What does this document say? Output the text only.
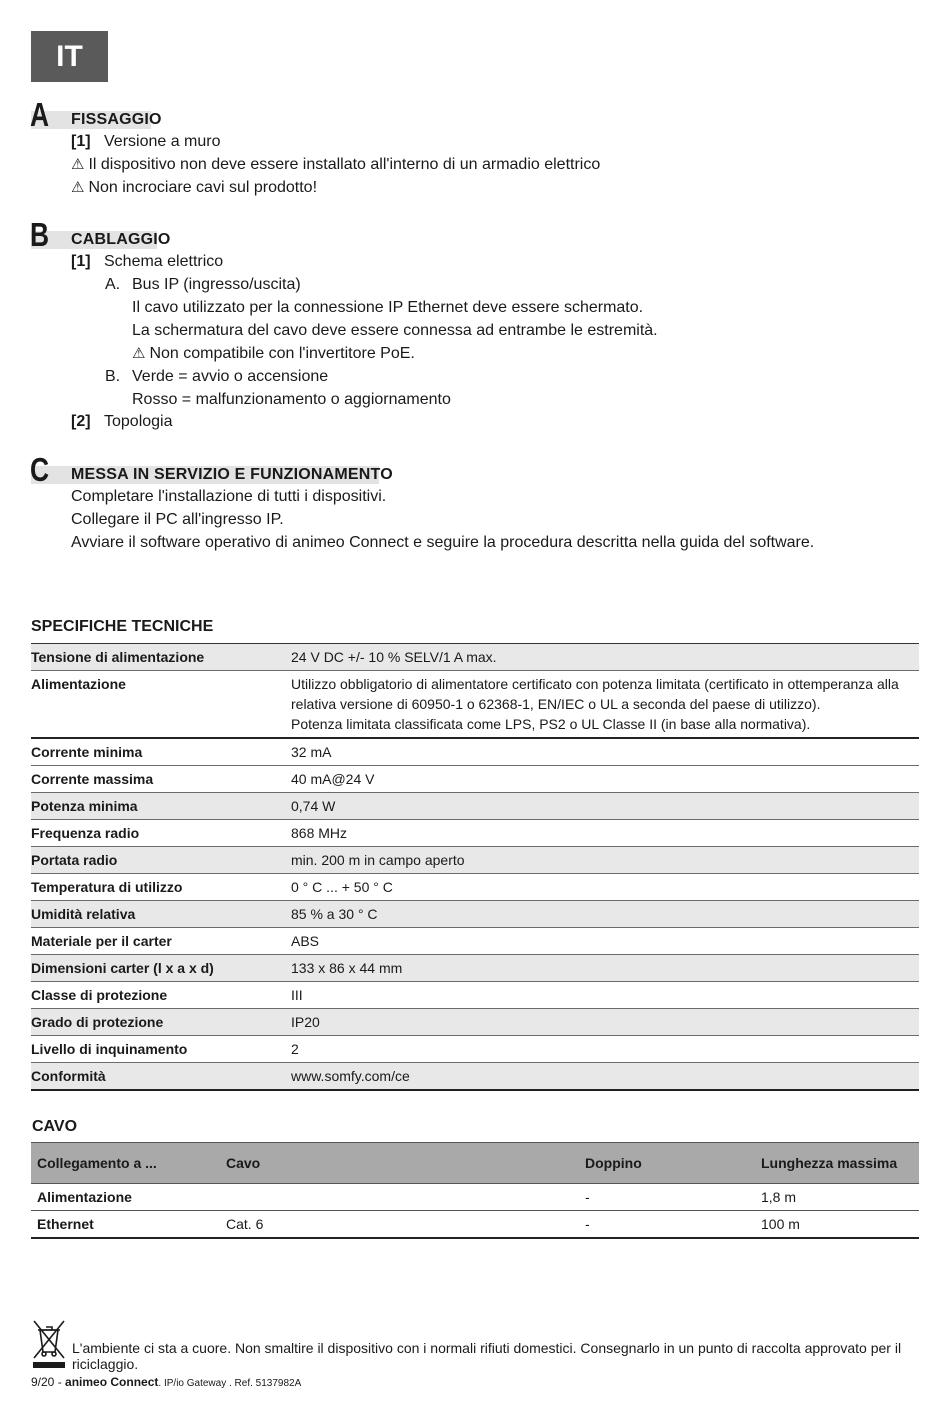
IT
A FISSAGGIO
[1] Versione a muro
⚠ Il dispositivo non deve essere installato all'interno di un armadio elettrico
⚠ Non incrociare cavi sul prodotto!
B CABLAGGIO
[1] Schema elettrico
A. Bus IP (ingresso/uscita)
Il cavo utilizzato per la connessione IP Ethernet deve essere schermato.
La schermatura del cavo deve essere connessa ad entrambe le estremità.
⚠ Non compatibile con l'invertitore PoE.
B. Verde = avvio o accensione
Rosso = malfunzionamento o aggiornamento
[2] Topologia
C MESSA IN SERVIZIO E FUNZIONAMENTO
Completare l'installazione di tutti i dispositivi.
Collegare il PC all'ingresso IP.
Avviare il software operativo di animeo Connect e seguire la procedura descritta nella guida del software.
SPECIFICHE TECNICHE
Tensione di alimentazione	24 V DC +/- 10 % SELV/1 A max.
Alimentazione	Utilizzo obbligatorio di alimentatore certificato con potenza limitata (certificato in ottemperanza alla
relativa versione di 60950-1 o 62368-1, EN/IEC o UL a seconda del paese di utilizzo).
Potenza limitata classificata come LPS, PS2 o UL Classe II (in base alla normativa).

Corrente minima	32 mA
Corrente massima	40 mA@24 V
Potenza minima	0,74 W
Frequenza radio	868 MHz
Portata radio	min. 200 m in campo aperto
Temperatura di utilizzo	0 ° C ... + 50 ° C
Umidità relativa	85 % a 30 ° C
Materiale per il carter	ABS
Dimensioni carter (l x a x d)	133 x 86 x 44 mm
Classe di protezione	III
Grado di protezione	IP20
Livello di inquinamento	2
Conformità	www.somfy.com/ce
CAVO
Collegamento a ...	Cavo	Doppino	Lunghezza massima
Alimentazione		-	1,8 m
Ethernet	Cat. 6	-	100 m
L'ambiente ci sta a cuore. Non smaltire il dispositivo con i normali rifiuti domestici. Consegnarlo in un punto di raccolta approvato per il riciclaggio.
9/20 - animeo Connect. IP/io Gateway . Ref. 5137982A
